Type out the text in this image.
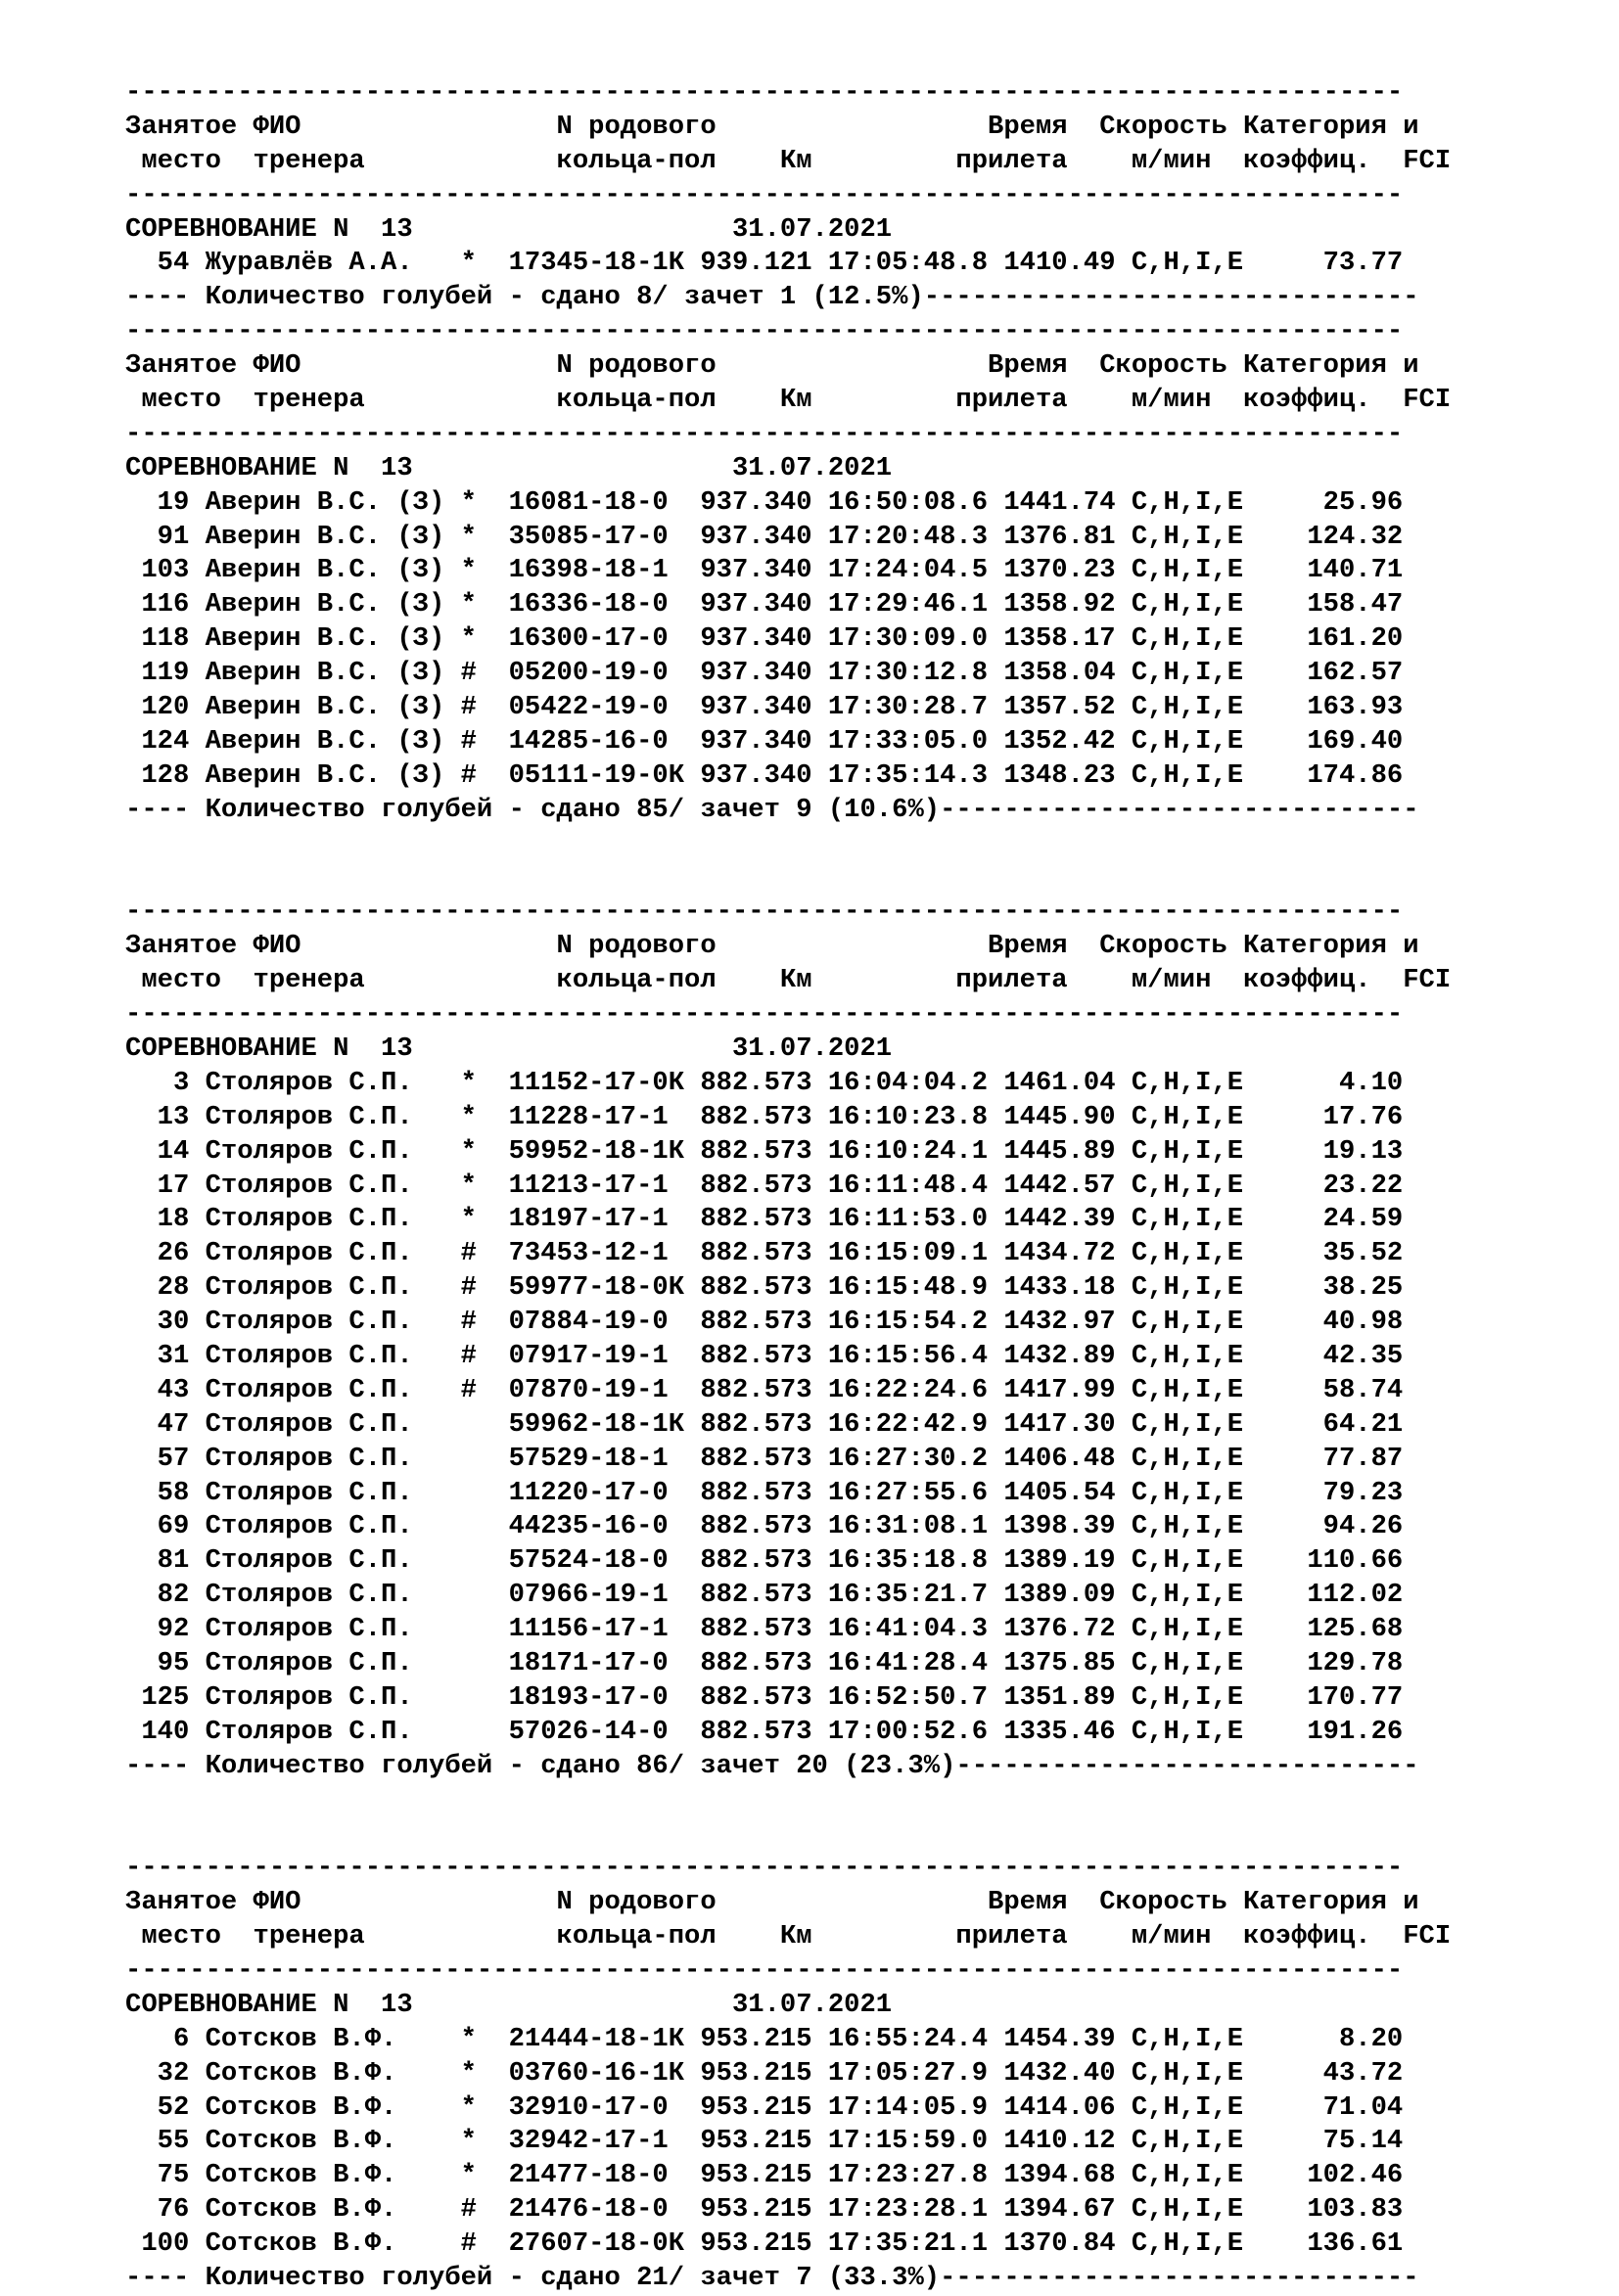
--------------------------------------------------------------------------------
Занятое ФИО                N родового                 Время  Скорость Категория и
место  тренера            кольца-пол    Км         прилета    м/мин  коэффиц.  FCI
--------------------------------------------------------------------------------
СОРЕВНОВАНИЕ N  13                    31.07.2021
54 Журавлёв А.А.   *  17345-18-1К 939.121 17:05:48.8 1410.49 C,H,I,E     73.77
---- Количество голубей - сдано 8/ зачет 1 (12.5%)-------------------------------
--------------------------------------------------------------------------------
Занятое ФИО                N родового                 Время  Скорость Категория и
место  тренера            кольца-пол    Км         прилета    м/мин  коэффиц.  FCI
--------------------------------------------------------------------------------
СОРЕВНОВАНИЕ N  13                    31.07.2021
19 Аверин В.С. (З) *  16081-18-0  937.340 16:50:08.6 1441.74 C,H,I,E     25.96
91 Аверин В.С. (З) *  35085-17-0  937.340 17:20:48.3 1376.81 C,H,I,E    124.32
103 Аверин В.С. (З) *  16398-18-1  937.340 17:24:04.5 1370.23 C,H,I,E    140.71
116 Аверин В.С. (З) *  16336-18-0  937.340 17:29:46.1 1358.92 C,H,I,E    158.47
118 Аверин В.С. (З) *  16300-17-0  937.340 17:30:09.0 1358.17 C,H,I,E    161.20
119 Аверин В.С. (З) #  05200-19-0  937.340 17:30:12.8 1358.04 C,H,I,E    162.57
120 Аверин В.С. (З) #  05422-19-0  937.340 17:30:28.7 1357.52 C,H,I,E    163.93
124 Аверин В.С. (З) #  14285-16-0  937.340 17:33:05.0 1352.42 C,H,I,E    169.40
128 Аверин В.С. (З) #  05111-19-0К 937.340 17:35:14.3 1348.23 C,H,I,E    174.86
---- Количество голубей - сдано 85/ зачет 9 (10.6%)------------------------------
--------------------------------------------------------------------------------
Занятое ФИО                N родового                 Время  Скорость Категория и
место  тренера            кольца-пол    Км         прилета    м/мин  коэффиц.  FCI
--------------------------------------------------------------------------------
СОРЕВНОВАНИЕ N  13                    31.07.2021
3 Столяров С.П.   *  11152-17-0К 882.573 16:04:04.2 1461.04 C,H,I,E      4.10
13 Столяров С.П.   *  11228-17-1  882.573 16:10:23.8 1445.90 C,H,I,E     17.76
14 Столяров С.П.   *  59952-18-1К 882.573 16:10:24.1 1445.89 C,H,I,E     19.13
17 Столяров С.П.   *  11213-17-1  882.573 16:11:48.4 1442.57 C,H,I,E     23.22
18 Столяров С.П.   *  18197-17-1  882.573 16:11:53.0 1442.39 C,H,I,E     24.59
26 Столяров С.П.   #  73453-12-1  882.573 16:15:09.1 1434.72 C,H,I,E     35.52
28 Столяров С.П.   #  59977-18-0К 882.573 16:15:48.9 1433.18 C,H,I,E     38.25
30 Столяров С.П.   #  07884-19-0  882.573 16:15:54.2 1432.97 C,H,I,E     40.98
31 Столяров С.П.   #  07917-19-1  882.573 16:15:56.4 1432.89 C,H,I,E     42.35
43 Столяров С.П.   #  07870-19-1  882.573 16:22:24.6 1417.99 C,H,I,E     58.74
47 Столяров С.П.      59962-18-1К 882.573 16:22:42.9 1417.30 C,H,I,E     64.21
57 Столяров С.П.      57529-18-1  882.573 16:27:30.2 1406.48 C,H,I,E     77.87
58 Столяров С.П.      11220-17-0  882.573 16:27:55.6 1405.54 C,H,I,E     79.23
69 Столяров С.П.      44235-16-0  882.573 16:31:08.1 1398.39 C,H,I,E     94.26
81 Столяров С.П.      57524-18-0  882.573 16:35:18.8 1389.19 C,H,I,E    110.66
82 Столяров С.П.      07966-19-1  882.573 16:35:21.7 1389.09 C,H,I,E    112.02
92 Столяров С.П.      11156-17-1  882.573 16:41:04.3 1376.72 C,H,I,E    125.68
95 Столяров С.П.      18171-17-0  882.573 16:41:28.4 1375.85 C,H,I,E    129.78
125 Столяров С.П.      18193-17-0  882.573 16:52:50.7 1351.89 C,H,I,E    170.77
140 Столяров С.П.      57026-14-0  882.573 17:00:52.6 1335.46 C,H,I,E    191.26
---- Количество голубей - сдано 86/ зачет 20 (23.3%)-----------------------------
--------------------------------------------------------------------------------
Занятое ФИО                N родового                 Время  Скорость Категория и
место  тренера            кольца-пол    Км         прилета    м/мин  коэффиц.  FCI
--------------------------------------------------------------------------------
СОРЕВНОВАНИЕ N  13                    31.07.2021
6 Сотсков В.Ф.    *  21444-18-1К 953.215 16:55:24.4 1454.39 C,H,I,E      8.20
32 Сотсков В.Ф.    *  03760-16-1К 953.215 17:05:27.9 1432.40 C,H,I,E     43.72
52 Сотсков В.Ф.    *  32910-17-0  953.215 17:14:05.9 1414.06 C,H,I,E     71.04
55 Сотсков В.Ф.    *  32942-17-1  953.215 17:15:59.0 1410.12 C,H,I,E     75.14
75 Сотсков В.Ф.    *  21477-18-0  953.215 17:23:27.8 1394.68 C,H,I,E    102.46
76 Сотсков В.Ф.    #  21476-18-0  953.215 17:23:28.1 1394.67 C,H,I,E    103.83
100 Сотсков В.Ф.    #  27607-18-0К 953.215 17:35:21.1 1370.84 C,H,I,E    136.61
---- Количество голубей - сдано 21/ зачет 7 (33.3%)------------------------------
